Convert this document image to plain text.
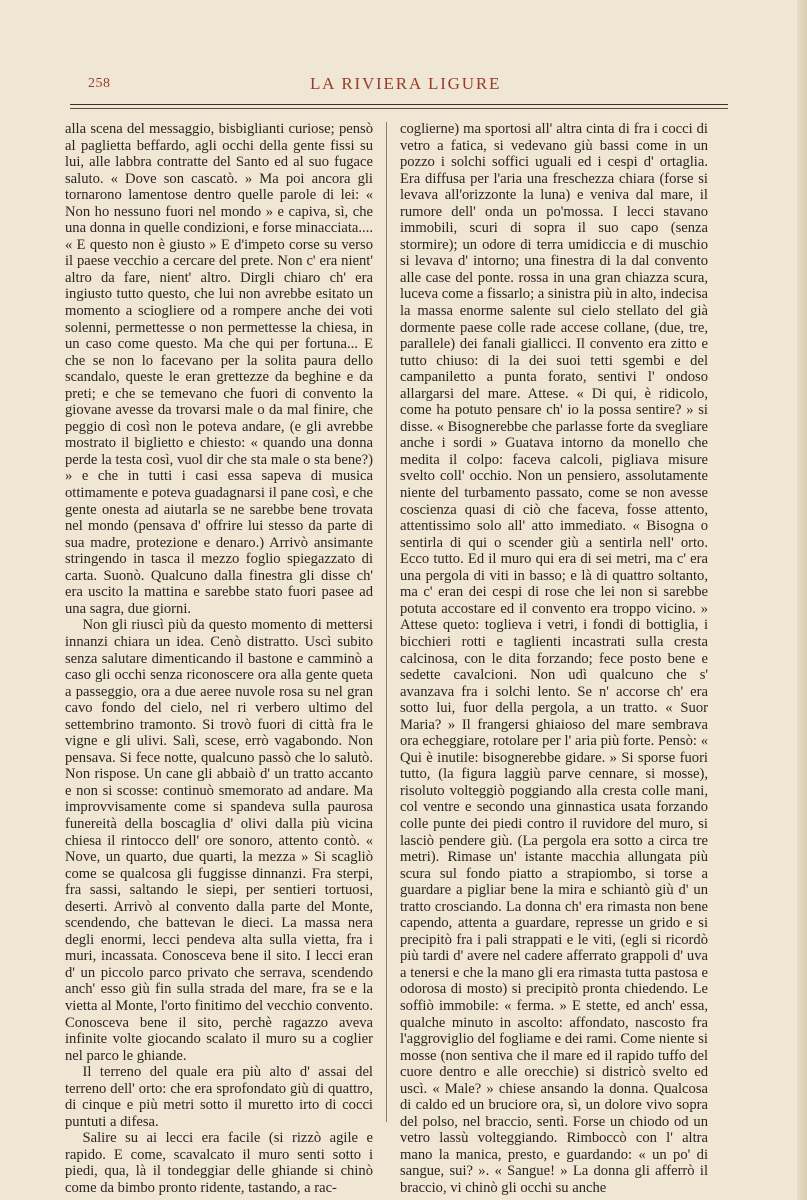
258	LA RIVIERA LIGURE

alla scena del messaggio, bisbiglianti curiose; pensò al paglietta beffardo, agli occhi della gente fissi su lui, alle labbra contratte del Santo ed al suo fugace saluto. « Dove son cascatò. » Ma poi ancora gli tornarono lamentose dentro quelle parole di lei: « Non ho nessuno fuori nel mondo » e capiva, sì, che una donna in quelle condizioni, e forse minacciata.... « E questo non è giusto » E d'impeto corse su verso il paese vecchio a cercare del prete. Non c' era nient' altro da fare, nient' altro. Dirgli chiaro ch' era ingiusto tutto questo, che lui non avrebbe esitato un momento a sciogliere od a rompere anche dei voti solenni, permettesse o non permettesse la chiesa, in un caso come questo. Ma che qui per fortuna... E che se non lo facevano per la solita paura dello scandalo, queste le eran grettezze da beghine e da preti; e che se temevano che fuori di convento la giovane avesse da trovarsi male o da mal finire, che peggio di così non le poteva andare, (e gli avrebbe mostrato il biglietto e chiesto: « quando una donna perde la testa così, vuol dir che sta male o sta bene?) » e che in tutti i casi essa sapeva di musica ottimamente e poteva guadagnarsi il pane così, e che gente onesta ad aiutarla se ne sarebbe bene trovata nel mondo (pensava d' offrire lui stesso da parte di sua madre, protezione e denaro.) Arrivò ansimante stringendo in tasca il mezzo foglio spiegazzato di carta. Suonò. Qualcuno dalla finestra gli disse ch' era uscito la mattina e sarebbe stato fuori pasee ad una sagra, due giorni.

Non gli riuscì più da questo momento di mettersi innanzi chiara un idea. Cenò distratto. Uscì subito senza salutare dimenticando il bastone e camminò a caso gli occhi senza riconoscere ora alla gente queta a passeggio, ora a due aeree nuvole rosa su nel gran cavo fondo del cielo, nel ri verbero ultimo del settembrino tramonto. Si trovò fuori di città fra le vigne e gli ulivi. Salì, scese, errò vagabondo. Non pensava. Si fece notte, qualcuno passò che lo salutò. Non rispose. Un cane gli abbaiò d' un tratto accanto e non si scosse: continuò smemorato ad andare. Ma improvvisamente come si spandeva sulla paurosa funereità della boscaglia d' olivi dalla più vicina chiesa il rintocco dell' ore sonoro, attento contò. « Nove, un quarto, due quarti, la mezza » Si scagliò come se qualcosa gli fuggisse dinnanzi. Fra sterpi, fra sassi, saltando le siepi, per sentieri tortuosi, deserti. Arrivò al convento dalla parte del Monte, scendendo, che battevan le dieci. La massa nera degli enormi, lecci pendeva alta sulla vietta, fra i muri, incassata. Conosceva bene il sito. I lecci eran d' un piccolo parco privato che serrava, scendendo anch' esso giù fin sulla strada del mare, fra se e la vietta al Monte, l'orto finitimo del vecchio convento. Conosceva bene il sito, perchè ragazzo aveva infinite volte giocando scalato il muro su a coglier nel parco le ghiande.

Il terreno del quale era più alto d' assai del terreno dell' orto: che era sprofondato giù di quattro, di cinque e più metri sotto il muretto irto di cocci puntuti a difesa.

Salire su ai lecci era facile (si rizzò agile e rapido. E come, scavalcato il muro senti sotto i piedi, qua, là il tondeggiar delle ghiande si chinò come da bimbo pronto ridente, tastando, a rac-

coglierne) ma sportosi all' altra cinta di fra i cocci di vetro a fatica, si vedevano giù bassi come in un pozzo i solchi soffici uguali ed i cespi d' ortaglia. Era diffusa per l'aria una freschezza chiara (forse si levava all'orizzonte la luna) e veniva dal mare, il rumore dell' onda un po'mossa. I lecci stavano immobili, scuri di sopra il suo capo (senza stormire); un odore di terra umidiccia e di muschio si levava d' intorno; una finestra di la dal convento alle case del ponte. rossa in una gran chiazza scura, luceva come a fissarlo; a sinistra più in alto, indecisa la massa enorme salente sul cielo stellato del già dormente paese colle rade accese collane, (due, tre, parallele) dei fanali giallicci. Il convento era zitto e tutto chiuso: di la dei suoi tetti sgembi e del campaniletto a punta forato, sentivi l' ondoso allargarsi del mare. Attese. « Di qui, è ridicolo, come ha potuto pensare ch' io la possa sentire? » si disse. « Bisognerebbe che parlasse forte da svegliare anche i sordi » Guatava intorno da monello che medita il colpo: faceva calcoli, pigliava misure svelto coll' occhio. Non un pensiero, assolutamente niente del turbamento passato, come se non avesse coscienza quasi di ciò che faceva, fosse attento, attentissimo solo all' atto immediato. « Bisogna o sentirla di qui o scender giù a sentirla nell' orto. Ecco tutto. Ed il muro qui era di sei metri, ma c' era una pergola di viti in basso; e là di quattro soltanto, ma c' eran dei cespi di rose che lei non si sarebbe potuta accostare ed il convento era troppo vicino. » Attese queto: toglieva i vetri, i fondi di bottiglia, i bicchieri rotti e taglienti incastrati sulla cresta calcinosa, con le dita forzando; fece posto bene e sedette cavalcioni. Non udì qualcuno che s' avanzava fra i solchi lento. Se n' accorse ch' era sotto lui, fuor della pergola, a un tratto. « Suor Maria? » Il frangersi ghiaioso del mare sembrava ora echeggiare, rotolare per l' aria più forte. Pensò: « Qui è inutile: bisognerebbe gidare. » Si sporse fuori tutto, (la figura laggiù parve cennare, si mosse), risoluto volteggiò poggiando alla cresta colle mani, col ventre e secondo una ginnastica usata forzando colle punte dei piedi contro il ruvidore del muro, si lasciò pendere giù. (La pergola era sotto a circa tre metri). Rimase un' istante macchia allungata più scura sul fondo piatto a strapiombo, si torse a guardare a pigliar bene la mira e schiantò giù d' un tratto crosciando. La donna ch' era rimasta non bene capendo, attenta a guardare, represse un grido e si precipitò fra i pali strappati e le viti, (egli si ricordò più tardi d' avere nel cadere afferrato grappoli d' uva a tenersi e che la mano gli era rimasta tutta pastosa e odorosa di mosto) si precipitò pronta chiedendo. Le soffiò immobile: « ferma. » E stette, ed anch' essa, qualche minuto in ascolto: affondato, nascosto fra l'aggroviglio del fogliame e dei rami. Come niente si mosse (non sentiva che il mare ed il rapido tuffo del cuore dentro e alle orecchie) si districò svelto ed uscì. « Male? » chiese ansando la donna. Qualcosa di caldo ed un bruciore ora, sì, un dolore vivo sopra del polso, nel braccio, sentì. Forse un chiodo od un vetro lassù volteggiando. Rimboccò con l' altra mano la manica, presto, e guardando: « un po' di sangue, sui? ». « Sangue! » La donna gli afferrò il braccio, vi chinò gli occhi su anche
